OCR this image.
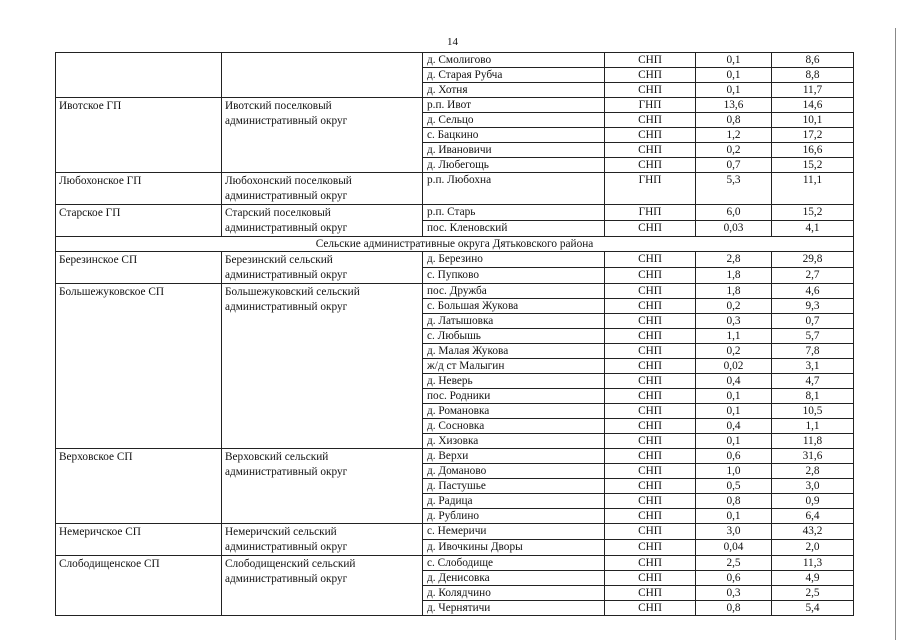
14
		д. Смолигово	СНП	0,1	8,6
		д. Старая Рубча	СНП	0,1	8,8
		д. Хотня	СНП	0,1	11,7
Ивотское ГП	Ивотский поселковый административный округ	р.п. Ивот	ГНП	13,6	14,6
		д. Сельцо	СНП	0,8	10,1
		с. Бацкино	СНП	1,2	17,2
		д. Ивановичи	СНП	0,2	16,6
		д. Любегощь	СНП	0,7	15,2
Любохонское ГП	Любохонский поселковый административный округ	р.п. Любохна	ГНП	5,3	11,1
Старское ГП	Старский поселковый административный округ	р.п. Старь	ГНП	6,0	15,2
		пос. Кленовский	СНП	0,03	4,1
Сельские административные округа Дятьковского района					
Березинское СП	Березинский сельский административный округ	д. Березино	СНП	2,8	29,8
		с. Пупково	СНП	1,8	2,7
Большежуковское СП	Большежуковский сельский административный округ	пос. Дружба	СНП	1,8	4,6
		с. Большая Жукова	СНП	0,2	9,3
		д. Латышовка	СНП	0,3	0,7
		с. Любышь	СНП	1,1	5,7
		д. Малая Жукова	СНП	0,2	7,8
		ж/д ст Малыгин	СНП	0,02	3,1
		д. Неверь	СНП	0,4	4,7
		пос. Родники	СНП	0,1	8,1
		д. Романовка	СНП	0,1	10,5
		д. Сосновка	СНП	0,4	1,1
		д. Хизовка	СНП	0,1	11,8
Верховское СП	Верховский сельский административный округ	д. Верхи	СНП	0,6	31,6
		д. Доманово	СНП	1,0	2,8
		д. Пастушье	СНП	0,5	3,0
		д. Радица	СНП	0,8	0,9
		д. Рублино	СНП	0,1	6,4
Немеричское СП	Немеричский сельский административный округ	с. Немеричи	СНП	3,0	43,2
		д. Ивочкины Дворы	СНП	0,04	2,0
Слободищенское СП	Слободищенский сельский административный округ	с. Слободище	СНП	2,5	11,3
		д. Денисовка	СНП	0,6	4,9
		д. Колядчино	СНП	0,3	2,5
		д. Чернятичи	СНП	0,8	5,4
